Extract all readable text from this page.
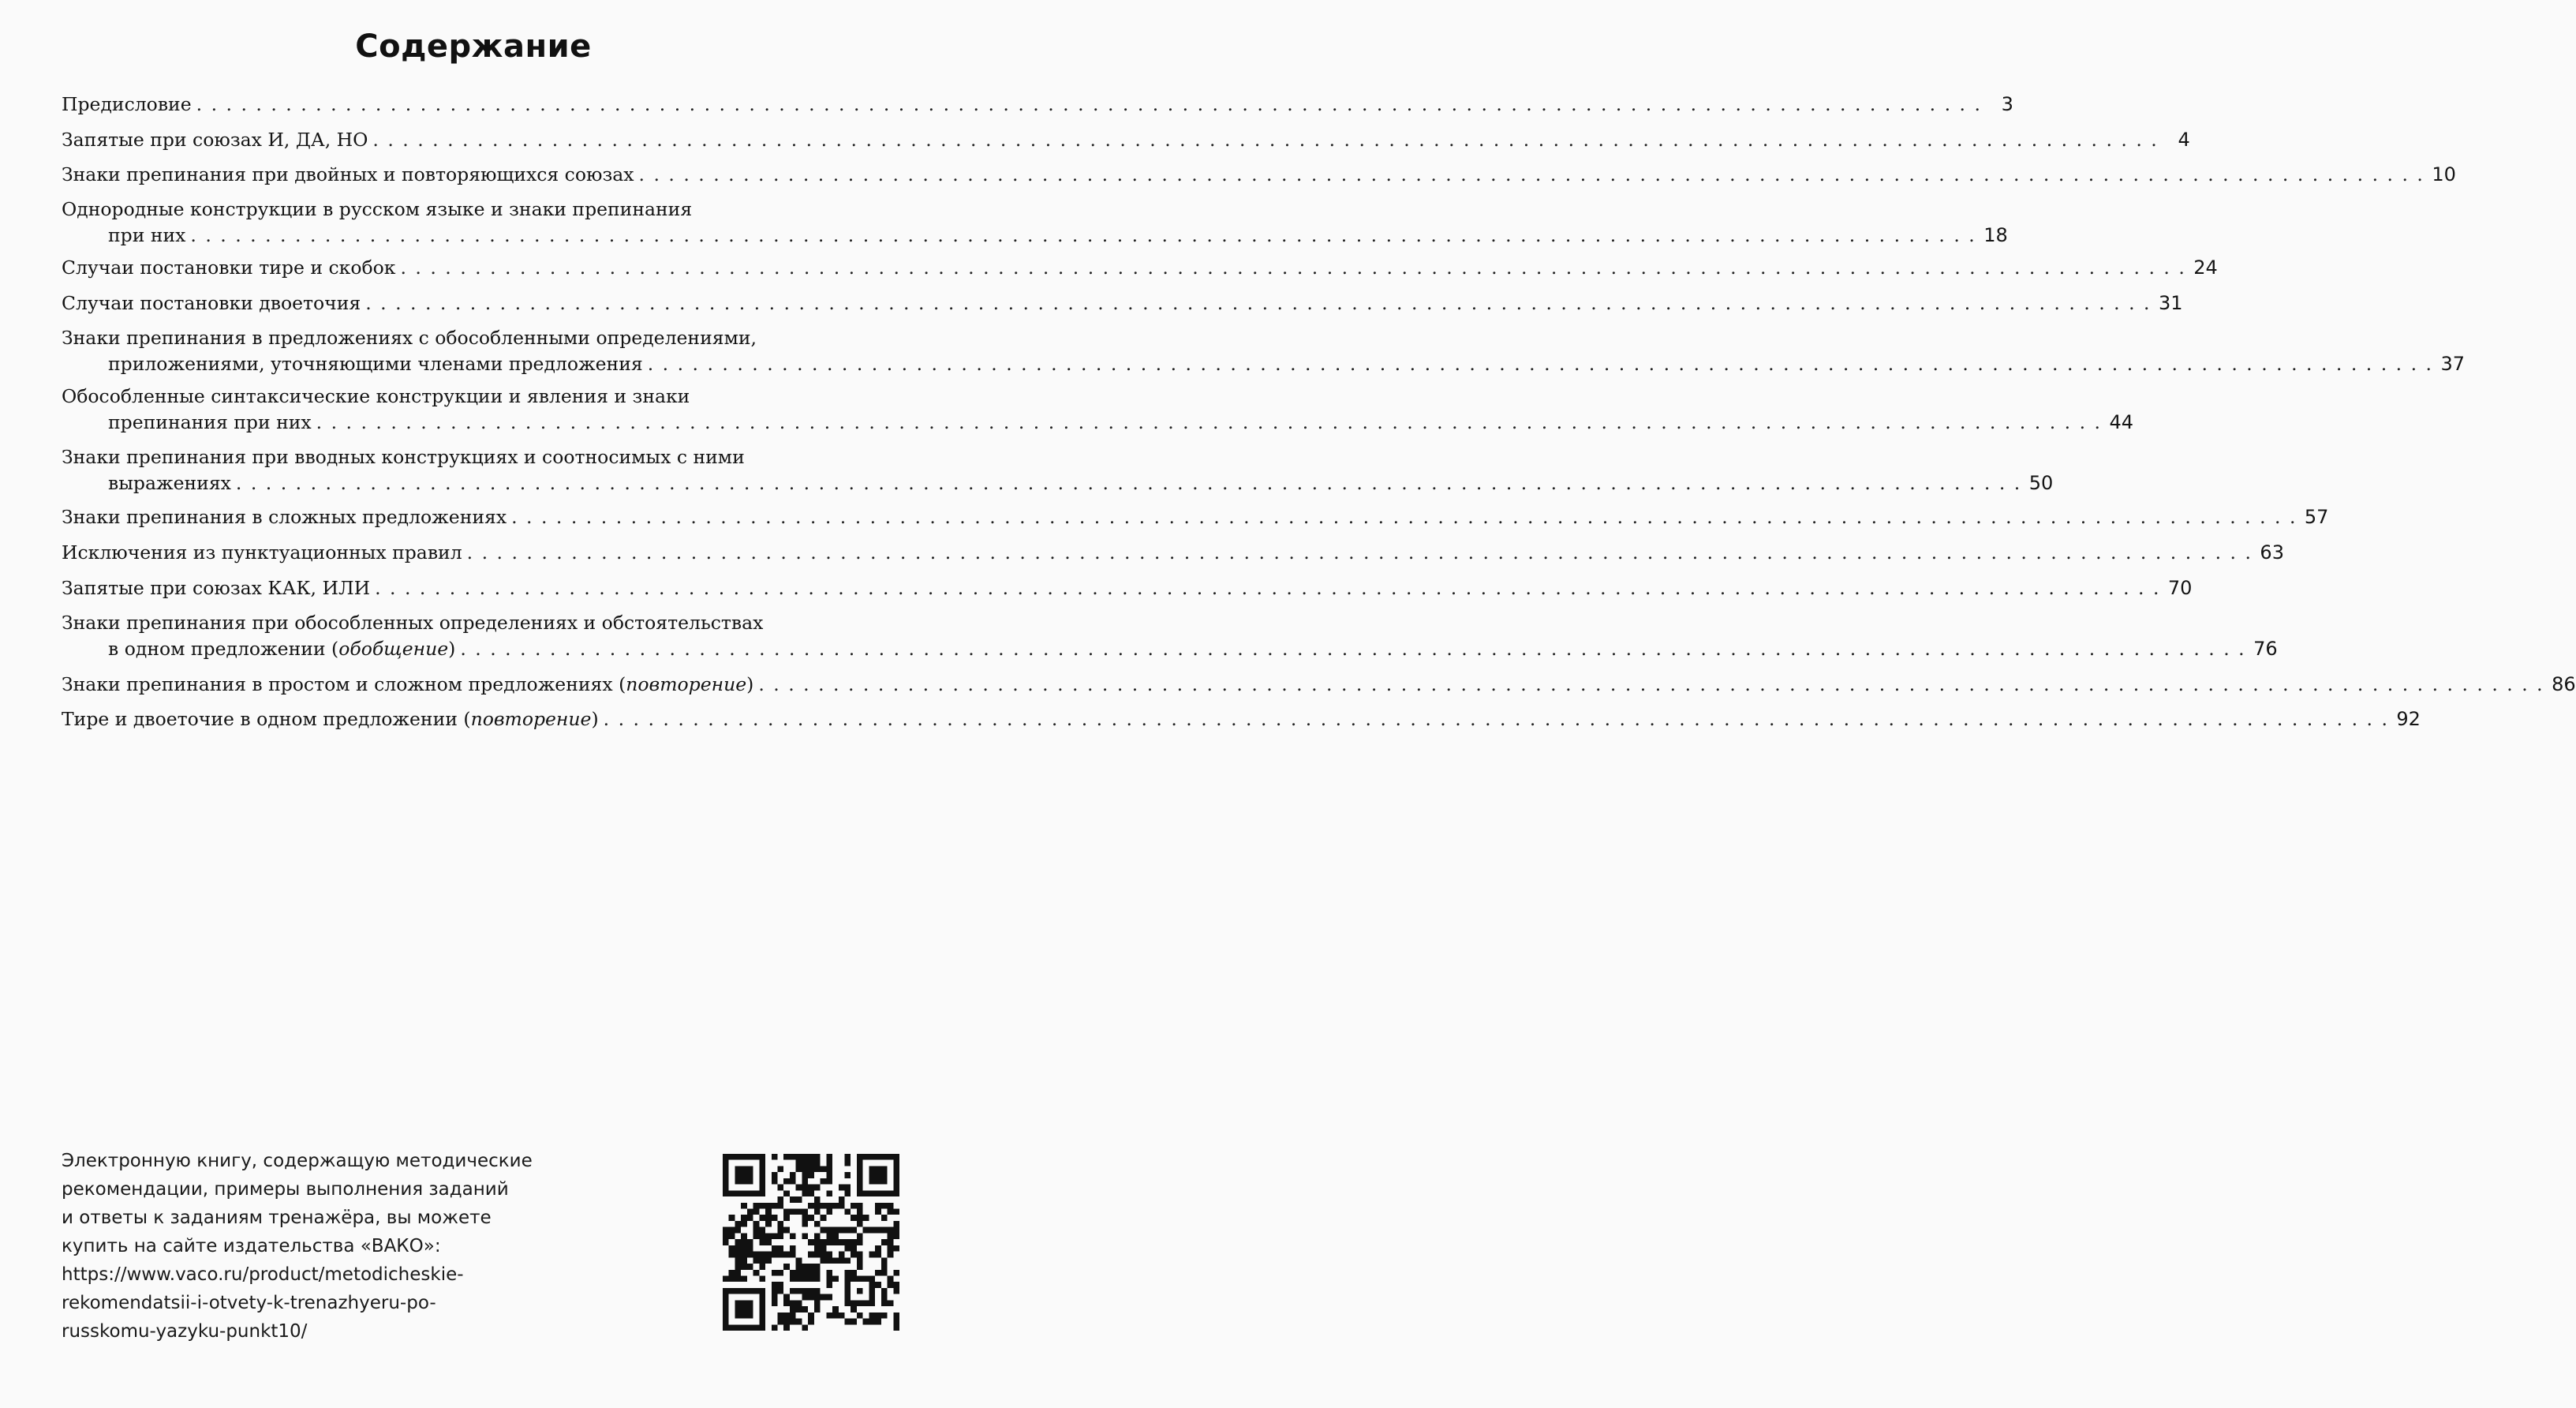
Содержание
Предисловие . . . . . . . . . . . . . . . . . . . . . . . . . . . . . . . . . . . . . . . . . . . . . . . . . . . . . . . . . . . . . . . . . . . . . . . . . . . . . . . . . . . . . . . . . . . . . . . . . . . . . . . . . . . . . . . . . . . . . . . .	3
Запятые при союзах И, ДА, НО . . . . . . . . . . . . . . . . . . . . . . . . . . . . . . . . . . . . . . . . . . . . . . . . . . . . . . . . . . . . . . . . . . . . . . . . . . . . . . . . . . . . . . . . . . . . . . . . . . . . . . . . . . . . . . . . . . . . . . . .	4
Знаки препинания при двойных и повторяющихся союзах . . . . . . . . . . . . . . . . . . . . . . . . . . . . . . . . . . . . . . . . . . . . . . . . . . . . . . . . . . . . . . . . . . . . . . . . . . . . . . . . . . . . . . . . . . . . . . . . . . . . . . . . . . . . . . . . . . . . . . . . 10
Однородные конструкции в русском языке и знаки препинания
при них . . . . . . . . . . . . . . . . . . . . . . . . . . . . . . . . . . . . . . . . . . . . . . . . . . . . . . . . . . . . . . . . . . . . . . . . . . . . . . . . . . . . . . . . . . . . . . . . . . . . . . . . . . . . . . . . . . . . . . . . 18
Случаи постановки тире и скобок . . . . . . . . . . . . . . . . . . . . . . . . . . . . . . . . . . . . . . . . . . . . . . . . . . . . . . . . . . . . . . . . . . . . . . . . . . . . . . . . . . . . . . . . . . . . . . . . . . . . . . . . . . . . . . . . . . . . . . . . 24
Случаи постановки двоеточия . . . . . . . . . . . . . . . . . . . . . . . . . . . . . . . . . . . . . . . . . . . . . . . . . . . . . . . . . . . . . . . . . . . . . . . . . . . . . . . . . . . . . . . . . . . . . . . . . . . . . . . . . . . . . . . . . . . . . . . . 31
Знаки препинания в предложениях с обособленными определениями,
приложениями, уточняющими членами предложения . . . . . . . . . . . . . . . . . . . . . . . . . . . . . . . . . . . . . . . . . . . . . . . . . . . . . . . . . . . . . . . . . . . . . . . . . . . . . . . . . . . . . . . . . . . . . . . . . . . . . . . . . . . . . . . . . . . . . . . . 37
Обособленные синтаксические конструкции и явления и знаки
препинания при них . . . . . . . . . . . . . . . . . . . . . . . . . . . . . . . . . . . . . . . . . . . . . . . . . . . . . . . . . . . . . . . . . . . . . . . . . . . . . . . . . . . . . . . . . . . . . . . . . . . . . . . . . . . . . . . . . . . . . . . . 44
Знаки препинания при вводных конструкциях и соотносимых с ними
выражениях . . . . . . . . . . . . . . . . . . . . . . . . . . . . . . . . . . . . . . . . . . . . . . . . . . . . . . . . . . . . . . . . . . . . . . . . . . . . . . . . . . . . . . . . . . . . . . . . . . . . . . . . . . . . . . . . . . . . . . . . 50
Знаки препинания в сложных предложениях . . . . . . . . . . . . . . . . . . . . . . . . . . . . . . . . . . . . . . . . . . . . . . . . . . . . . . . . . . . . . . . . . . . . . . . . . . . . . . . . . . . . . . . . . . . . . . . . . . . . . . . . . . . . . . . . . . . . . . . . 57
Исключения из пунктуационных правил . . . . . . . . . . . . . . . . . . . . . . . . . . . . . . . . . . . . . . . . . . . . . . . . . . . . . . . . . . . . . . . . . . . . . . . . . . . . . . . . . . . . . . . . . . . . . . . . . . . . . . . . . . . . . . . . . . . . . . . . 63
Запятые при союзах КАК, ИЛИ . . . . . . . . . . . . . . . . . . . . . . . . . . . . . . . . . . . . . . . . . . . . . . . . . . . . . . . . . . . . . . . . . . . . . . . . . . . . . . . . . . . . . . . . . . . . . . . . . . . . . . . . . . . . . . . . . . . . . . . . 70
Знаки препинания при обособленных определениях и обстоятельствах
в одном предложении (обобщение) . . . . . . . . . . . . . . . . . . . . . . . . . . . . . . . . . . . . . . . . . . . . . . . . . . . . . . . . . . . . . . . . . . . . . . . . . . . . . . . . . . . . . . . . . . . . . . . . . . . . . . . . . . . . . . . . . . . . . . . . 76
Знаки препинания в простом и сложном предложениях (повторение) . . . . . . . . . . . . . . . . . . . . . . . . . . . . . . . . . . . . . . . . . . . . . . . . . . . . . . . . . . . . . . . . . . . . . . . . . . . . . . . . . . . . . . . . . . . . . . . . . . . . . . . . . . . . . . . . . . . . . . . . 86
Тире и двоеточие в одном предложении (повторение) . . . . . . . . . . . . . . . . . . . . . . . . . . . . . . . . . . . . . . . . . . . . . . . . . . . . . . . . . . . . . . . . . . . . . . . . . . . . . . . . . . . . . . . . . . . . . . . . . . . . . . . . . . . . . . . . . . . . . . . . 92
Электронную книгу, содержащую методические
рекомендации, примеры выполнения заданий
и ответы к заданиям тренажёра, вы можете
купить на сайте издательства «ВАКО»:
https://www.vaco.ru/product/metodicheskie-
rekomendatsii-i-otvety-k-trenazhyeru-po-
russkomu-yazyku-punkt10/
